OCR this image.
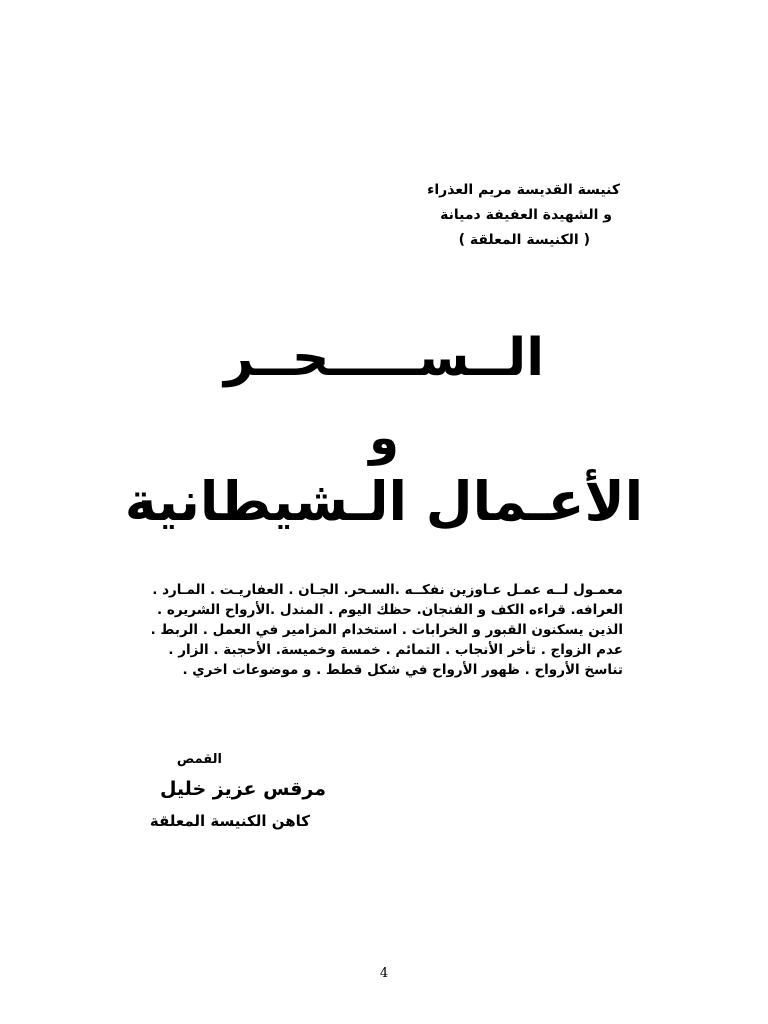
كنيسة القديسة مريم العذراء
و الشهيدة العفيفة دميانة
( الكنيسة المعلقة )
الــســـــحــر
و
الأعـمال الـشيطانية
معمـول لــه عمـل عـاوزين نفكــه .السـحر. الجـان . العفاريـت . المـارد .
العرافه. قراءه الكف و الفنجان. حظك اليوم . المندل .الأرواح الشريره .
الذين يسكنون القبور و الخرابات . استخدام المزامير في العمل . الربط .
عدم الزواج . تأخر الأنجاب . التمائم . خمسة وخميسة. الأحجبة . الزار .
تناسخ الأرواح . ظهور الأرواح في شكل قطط . و موضوعات اخري .
القمص
مرقس عزيز خليل
كاهن الكنيسة المعلقة
4
